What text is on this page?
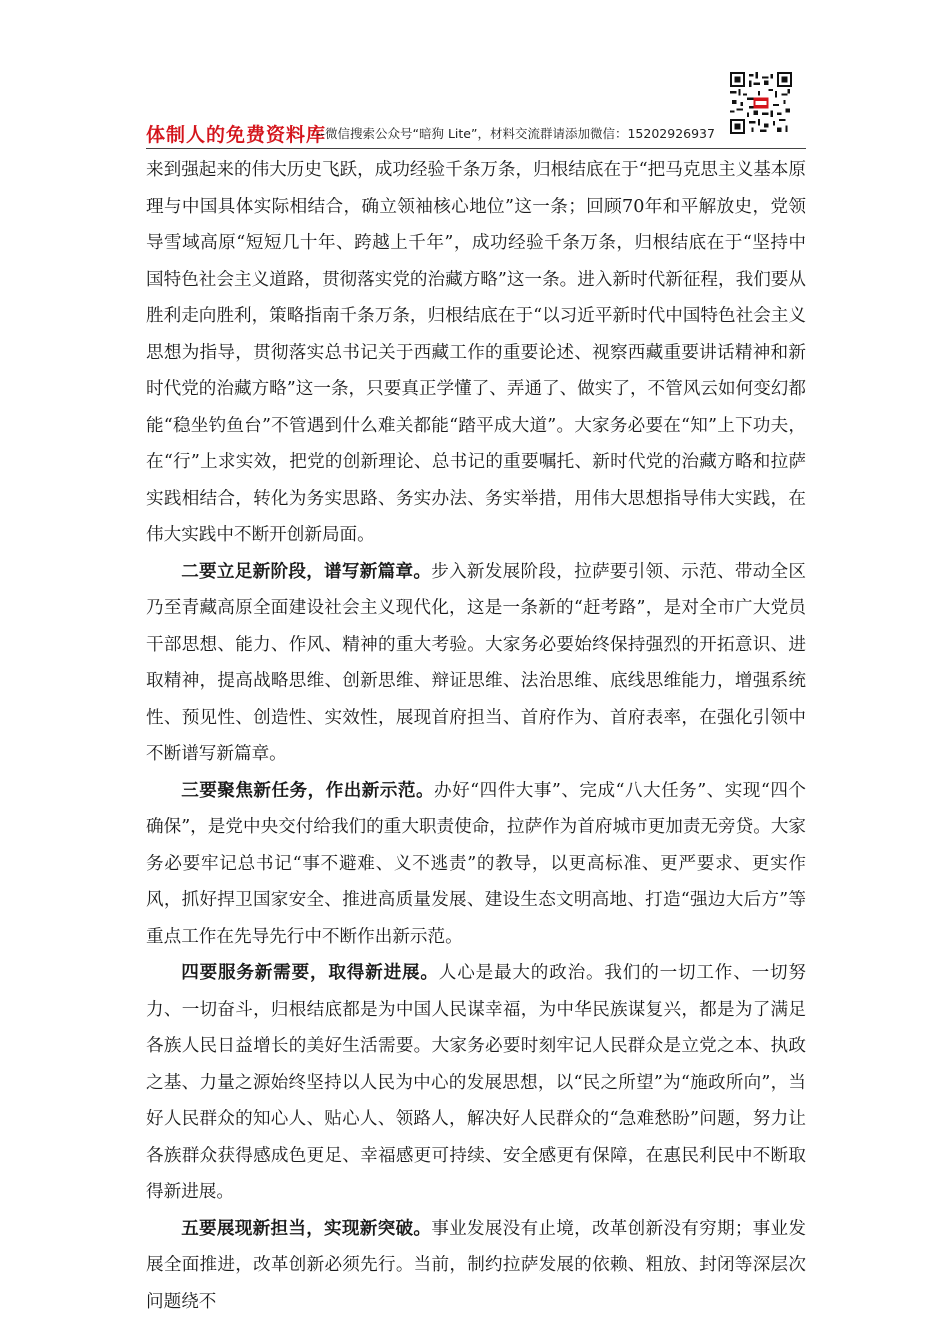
体制人的免费资料库
--微信搜索公众号“暗狗 Lite”，材料交流群请添加微信：15202926937

来到强起来的伟大历史飞跃，成功经验千条万条，归根结底在于“把马克思主义基本原理与中国具体实际相结合，确立领袖核心地位”这一条；回顾70年和平解放史，党领导雪域高原“短短几十年、跨越上千年”，成功经验千条万条，归根结底在于“坚持中国特色社会主义道路，贯彻落实党的治藏方略”这一条。进入新时代新征程，我们要从胜利走向胜利，策略指南千条万条，归根结底在于“以习近平新时代中国特色社会主义思想为指导，贯彻落实总书记关于西藏工作的重要论述、视察西藏重要讲话精神和新时代党的治藏方略”这一条，只要真正学懂了、弄通了、做实了，不管风云如何变幻都能“稳坐钓鱼台”不管遇到什么难关都能“踏平成大道”。大家务必要在“知”上下功夫，在“行”上求实效，把党的创新理论、总书记的重要嘱托、新时代党的治藏方略和拉萨实践相结合，转化为务实思路、务实办法、务实举措，用伟大思想指导伟大实践，在伟大实践中不断开创新局面。

二要立足新阶段，谱写新篇章。步入新发展阶段，拉萨要引领、示范、带动全区乃至青藏高原全面建设社会主义现代化，这是一条新的“赶考路”，是对全市广大党员干部思想、能力、作风、精神的重大考验。大家务必要始终保持强烈的开拓意识、进取精神，提高战略思维、创新思维、辩证思维、法治思维、底线思维能力，增强系统性、预见性、创造性、实效性，展现首府担当、首府作为、首府表率，在强化引领中不断谱写新篇章。

三要聚焦新任务，作出新示范。办好“四件大事”、完成“八大任务”、实现“四个确保”，是党中央交付给我们的重大职责使命，拉萨作为首府城市更加责无旁贷。大家务必要牢记总书记“事不避难、义不逃责”的教导，以更高标准、更严要求、更实作风，抓好捍卫国家安全、推进高质量发展、建设生态文明高地、打造“强边大后方”等重点工作在先导先行中不断作出新示范。

四要服务新需要，取得新进展。人心是最大的政治。我们的一切工作、一切努力、一切奋斗，归根结底都是为中国人民谋幸福，为中华民族谋复兴，都是为了满足各族人民日益增长的美好生活需要。大家务必要时刻牢记人民群众是立党之本、执政之基、力量之源始终坚持以人民为中心的发展思想，以“民之所望”为“施政所向”，当好人民群众的知心人、贴心人、领路人，解决好人民群众的“急难愁盼”问题，努力让各族群众获得感成色更足、幸福感更可持续、安全感更有保障，在惠民利民中不断取得新进展。

五要展现新担当，实现新突破。事业发展没有止境，改革创新没有穷期；事业发展全面推进，改革创新必须先行。当前，制约拉萨发展的依赖、粗放、封闭等深层次问题绕不
